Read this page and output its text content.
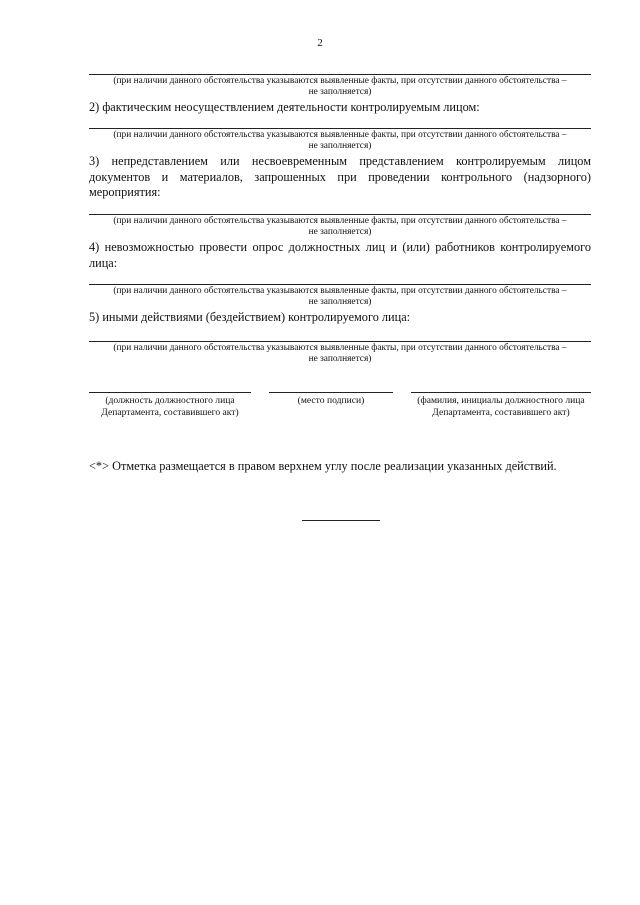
2
(при наличии данного обстоятельства указываются выявленные факты, при отсутствии данного обстоятельства – не заполняется)
2) фактическим неосуществлением деятельности контролируемым лицом:
(при наличии данного обстоятельства указываются выявленные факты, при отсутствии данного обстоятельства – не заполняется)
3) непредставлением или несвоевременным представлением контролируемым лицом документов и материалов, запрошенных при проведении контрольного (надзорного) мероприятия:
(при наличии данного обстоятельства указываются выявленные факты, при отсутствии данного обстоятельства – не заполняется)
4) невозможностью провести опрос должностных лиц и (или) работников контролируемого лица:
(при наличии данного обстоятельства указываются выявленные факты, при отсутствии данного обстоятельства – не заполняется)
5) иными действиями (бездействием) контролируемого лица:
(при наличии данного обстоятельства указываются выявленные факты, при отсутствии данного обстоятельства – не заполняется)
(должность должностного лица Департамента, составившего акт)
(место подписи)	(фамилия, инициалы должностного лица Департамента, составившего акт)
<*> Отметка размещается в правом верхнем углу после реализации указанных действий.
